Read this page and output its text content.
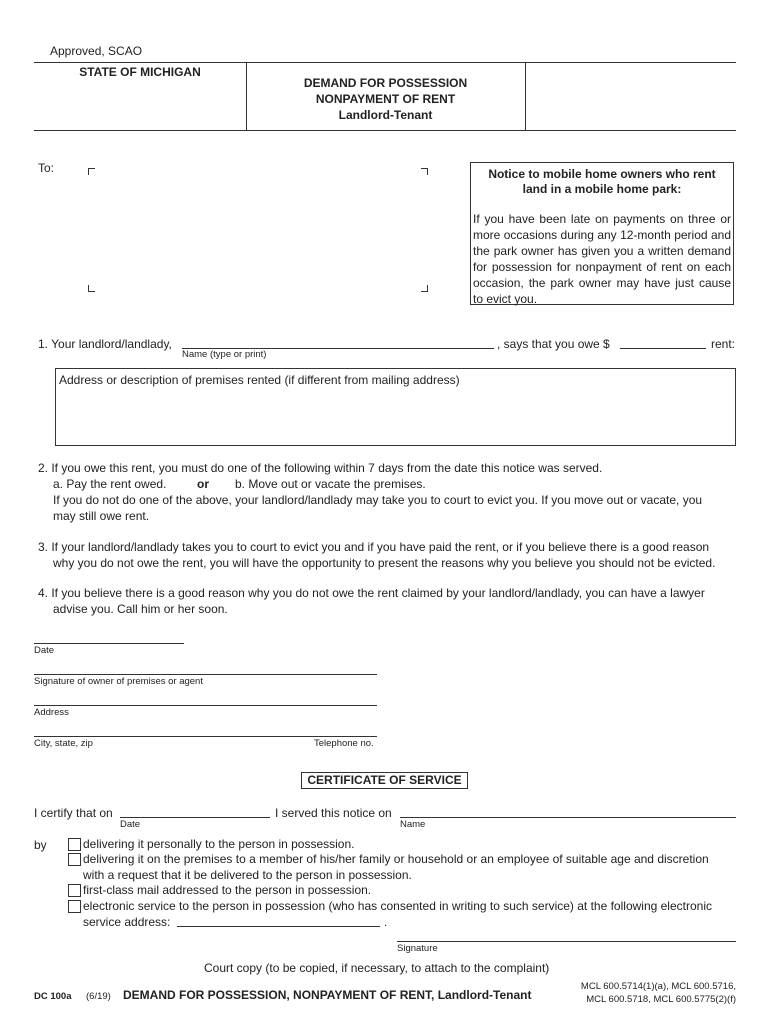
Approved, SCAO
STATE OF MICHIGAN
DEMAND FOR POSSESSION
NONPAYMENT OF RENT
Landlord-Tenant
To:	Notice to mobile home owners who rent
land in a mobile home park:
If you have been late on payments on three or more occasions during any 12-month period and the park owner has given you a written demand for possession for nonpayment of rent on each occasion, the park owner may have just cause to evict you.
1. Your landlord/landlady,
Name (type or print)
, says that you owe $	rent:
Address or description of premises rented (if different from mailing address)
2. If you owe this rent, you must do one of the following within 7 days from the date this notice was served.
a. Pay the rent owed.	or b. Move out or vacate the premises.
If you do not do one of the above, your landlord/landlady may take you to court to evict you. If you move out or vacate, you
may still owe rent.
3. If your landlord/landlady takes you to court to evict you and if you have paid the rent, or if you believe there is a good reason
why you do not owe the rent, you will have the opportunity to present the reasons why you believe you should not be evicted.
4. If you believe there is a good reason why you do not owe the rent claimed by your landlord/landlady, you can have a lawyer
advise you. Call him or her soon.
Date
Signature of owner of premises or agent
Address
City, state, zip	Telephone no.
CERTIFICATE OF SERVICE
I certify that on
Date
I served this notice on
Name
by	delivering it personally to the person in possession.
delivering it on the premises to a member of his/her family or household or an employee of suitable age and discretion
with a request that it be delivered to the person in possession.
first-class mail addressed to the person in possession.
electronic service to the person in possession (who has consented in writing to such service) at the following electronic
service address:	.
Signature
Court copy (to be copied, if necessary, to attach to the complaint)
DC 100a (6/19) DEMAND FOR POSSESSION, NONPAYMENT OF RENT, Landlord-Tenant
MCL 600.5714(1)(a), MCL 600.5716,
MCL 600.5718, MCL 600.5775(2)(f)
